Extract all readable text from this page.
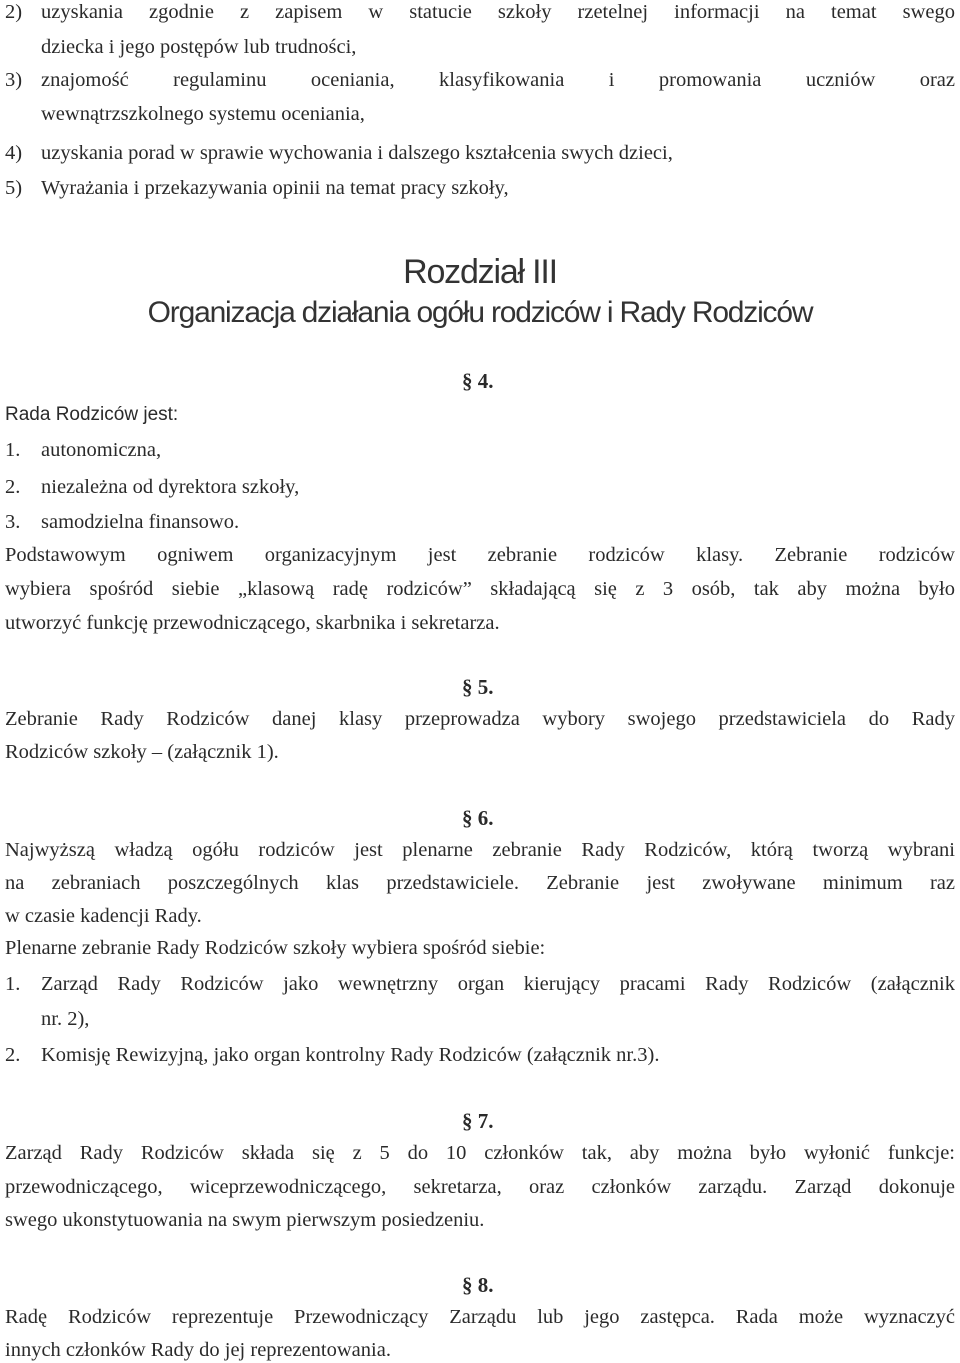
2) uzyskania zgodnie z zapisem w statucie szkoły rzetelnej informacji na temat swego
dziecka i jego postępów lub trudności,
3) znajomość regulaminu oceniania, klasyfikowania i promowania uczniów oraz
wewnątrzszkolnego systemu oceniania,
4) uzyskania porad w sprawie wychowania i dalszego kształcenia swych dzieci,
5) Wyrażania i przekazywania opinii na temat pracy szkoły,
Rozdział III
Organizacja działania ogółu rodziców i Rady Rodziców
§ 4.
Rada Rodziców jest:
1. autonomiczna,
2. niezależna od dyrektora szkoły,
3. samodzielna finansowo.
Podstawowym ogniwem organizacyjnym jest zebranie rodziców klasy. Zebranie rodziców
wybiera spośród siebie „klasową radę rodziców” składającą się z 3 osób, tak aby można było
utworzyć funkcję przewodniczącego, skarbnika i sekretarza.
§ 5.
Zebranie Rady Rodziców danej klasy przeprowadza wybory swojego przedstawiciela do Rady
Rodziców szkoły – (załącznik 1).
§ 6.
Najwyższą władzą ogółu rodziców jest plenarne zebranie Rady Rodziców, którą tworzą wybrani
na zebraniach poszczególnych klas przedstawiciele. Zebranie jest zwoływane minimum raz
w czasie kadencji Rady.
Plenarne zebranie Rady Rodziców szkoły wybiera spośród siebie:
1. Zarząd Rady Rodziców jako wewnętrzny organ kierujący pracami Rady Rodziców (załącznik
nr. 2),
2. Komisję Rewizyjną, jako organ kontrolny Rady Rodziców (załącznik nr.3).
§ 7.
Zarząd Rady Rodziców składa się z 5 do 10 członków tak, aby można było wyłonić funkcje:
przewodniczącego, wiceprzewodniczącego, sekretarza, oraz członków zarządu. Zarząd dokonuje
swego ukonstytuowania na swym pierwszym posiedzeniu.
§ 8.
Radę Rodziców reprezentuje Przewodniczący Zarządu lub jego zastępca. Rada może wyznaczyć
innych członków Rady do jej reprezentowania.
